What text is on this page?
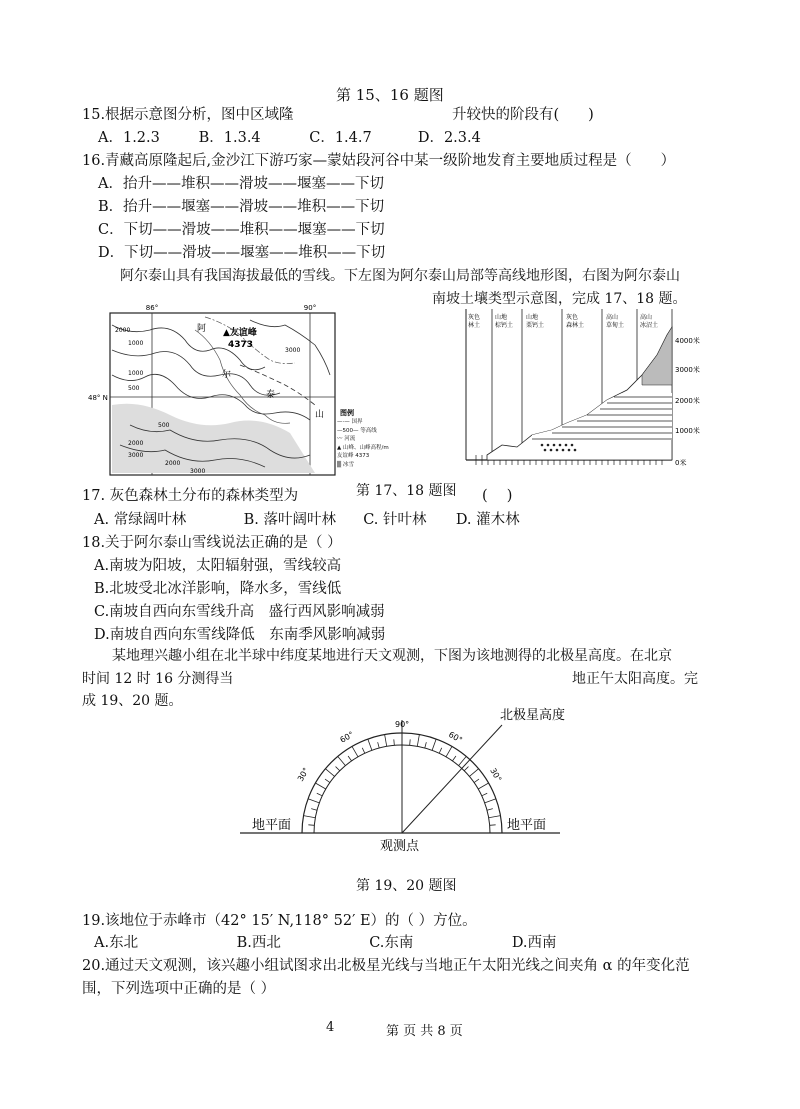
第 15、16 题图
15.根据示意图分析，图中区域隆	升较快的阶段有(　　)
A．1.2.3	B．1.3.4	C．1.4.7	D．2.3.4
16.青藏高原隆起后,金沙江下游巧家—蒙姑段河谷中某一级阶地发育主要地质过程是（　　）
A．抬升——堆积——滑坡——堰塞——下切
B．抬升——堰塞——滑坡——堆积——下切
C．下切——滑坡——堆积——堰塞——下切
D．下切——滑坡——堰塞——堆积——下切
阿尔泰山具有我国海拔最低的雪线。下左图为阿尔泰山局部等高线地形图，右图为阿尔泰山
南坡土壤类型示意图，完成 17、18 题。
86°	90°
48° N
▲友谊峰
4373
阿
尔
泰
山
2000
1000
500
1000
3000
2000
3000
500
2000
3000
图例
—·— 国界
—500— 等高线
〰 河流
▲ 山峰、山峰高程/m
友谊峰 4373
▒ 冰雪
灰色
林土
山地
棕钙土
山地
栗钙土
灰色
森林土
高山
草甸土
高山
冰沼土
4000米
3000米
2000米
1000米
0米
17. 灰色森林土分布的森林类型为	第 17、18 题图 (　 )
A. 常绿阔叶林	B. 落叶阔叶林 C. 针叶林 D. 灌木林
18.关于阿尔泰山雪线说法正确的是（ ）
A.南坡为阳坡，太阳辐射强，雪线较高
B.北坡受北冰洋影响，降水多，雪线低
C.南坡自西向东雪线升高　盛行西风影响减弱
D.南坡自西向东雪线降低　东南季风影响减弱
某地理兴趣小组在北半球中纬度某地进行天文观测，下图为该地测得的北极星高度。在北京
时间 12 时 16 分测得当	地正午太阳高度。完
成 19、20 题。
30°
60°
90°
60°
30°
北极星高度
地平面	地平面
观测点
第 19、20 题图
19.该地位于赤峰市（42° 15′ N,118° 52′ E）的（ ）方位。
A.东北	B.西北	C.东南	D.西南
20.通过天文观测，该兴趣小组试图求出北极星光线与当地正午太阳光线之间夹角 α 的年变化范
围，下列选项中正确的是（ ）
4	第 页 共 8 页
